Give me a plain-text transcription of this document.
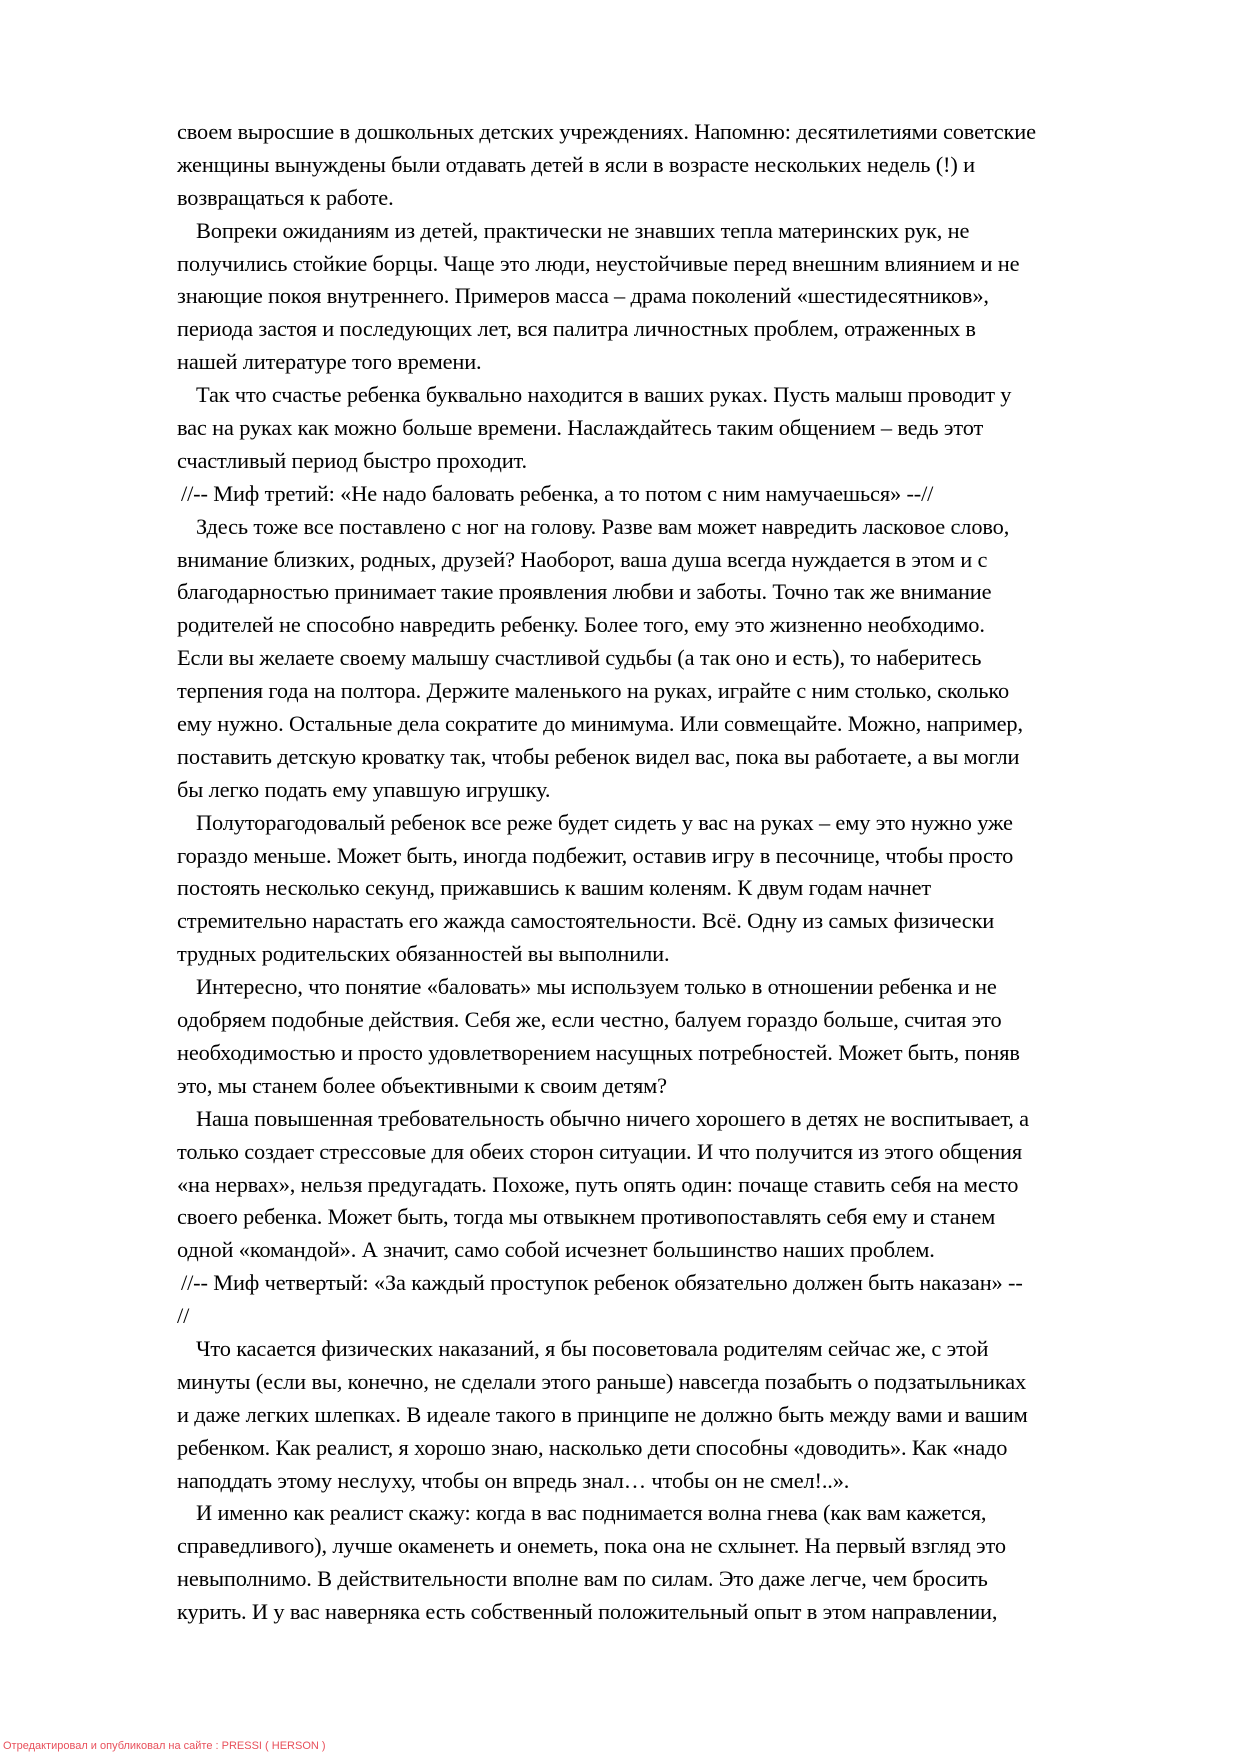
своем выросшие в дошкольных детских учреждениях. Напомню: десятилетиями советские
женщины вынуждены были отдавать детей в ясли в возрасте нескольких недель (!) и
возвращаться к работе.
Вопреки ожиданиям из детей, практически не знавших тепла материнских рук, не
получились стойкие борцы. Чаще это люди, неустойчивые перед внешним влиянием и не
знающие покоя внутреннего. Примеров масса – драма поколений «шестидесятников»,
периода застоя и последующих лет, вся палитра личностных проблем, отраженных в
нашей литературе того времени.
Так что счастье ребенка буквально находится в ваших руках. Пусть малыш проводит у
вас на руках как можно больше времени. Наслаждайтесь таким общением – ведь этот
счастливый период быстро проходит.
//-- Миф третий: «Не надо баловать ребенка, а то потом с ним намучаешься» --//
Здесь тоже все поставлено с ног на голову. Разве вам может навредить ласковое слово,
внимание близких, родных, друзей? Наоборот, ваша душа всегда нуждается в этом и с
благодарностью принимает такие проявления любви и заботы. Точно так же внимание
родителей не способно навредить ребенку. Более того, ему это жизненно необходимо.
Если вы желаете своему малышу счастливой судьбы (а так оно и есть), то наберитесь
терпения года на полтора. Держите маленького на руках, играйте с ним столько, сколько
ему нужно. Остальные дела сократите до минимума. Или совмещайте. Можно, например,
поставить детскую кроватку так, чтобы ребенок видел вас, пока вы работаете, а вы могли
бы легко подать ему упавшую игрушку.
Полуторагодовалый ребенок все реже будет сидеть у вас на руках – ему это нужно уже
гораздо меньше. Может быть, иногда подбежит, оставив игру в песочнице, чтобы просто
постоять несколько секунд, прижавшись к вашим коленям. К двум годам начнет
стремительно нарастать его жажда самостоятельности. Всё. Одну из самых физически
трудных родительских обязанностей вы выполнили.
Интересно, что понятие «баловать» мы используем только в отношении ребенка и не
одобряем подобные действия. Себя же, если честно, балуем гораздо больше, считая это
необходимостью и просто удовлетворением насущных потребностей. Может быть, поняв
это, мы станем более объективными к своим детям?
Наша повышенная требовательность обычно ничего хорошего в детях не воспитывает, а
только создает стрессовые для обеих сторон ситуации. И что получится из этого общения
«на нервах», нельзя предугадать. Похоже, путь опять один: почаще ставить себя на место
своего ребенка. Может быть, тогда мы отвыкнем противопоставлять себя ему и станем
одной «командой». А значит, само собой исчезнет большинство наших проблем.
//-- Миф четвертый: «За каждый проступок ребенок обязательно должен быть наказан» --
//
Что касается физических наказаний, я бы посоветовала родителям сейчас же, с этой
минуты (если вы, конечно, не сделали этого раньше) навсегда позабыть о подзатыльниках
и даже легких шлепках. В идеале такого в принципе не должно быть между вами и вашим
ребенком. Как реалист, я хорошо знаю, насколько дети способны «доводить». Как «надо
наподдать этому неслуху, чтобы он впредь знал… чтобы он не смел!..».
И именно как реалист скажу: когда в вас поднимается волна гнева (как вам кажется,
справедливого), лучше окаменеть и онеметь, пока она не схлынет. На первый взгляд это
невыполнимо. В действительности вполне вам по силам. Это даже легче, чем бросить
курить. И у вас наверняка есть собственный положительный опыт в этом направлении,
Отредактировал и опубликовал на сайте : PRESSI ( HERSON )
